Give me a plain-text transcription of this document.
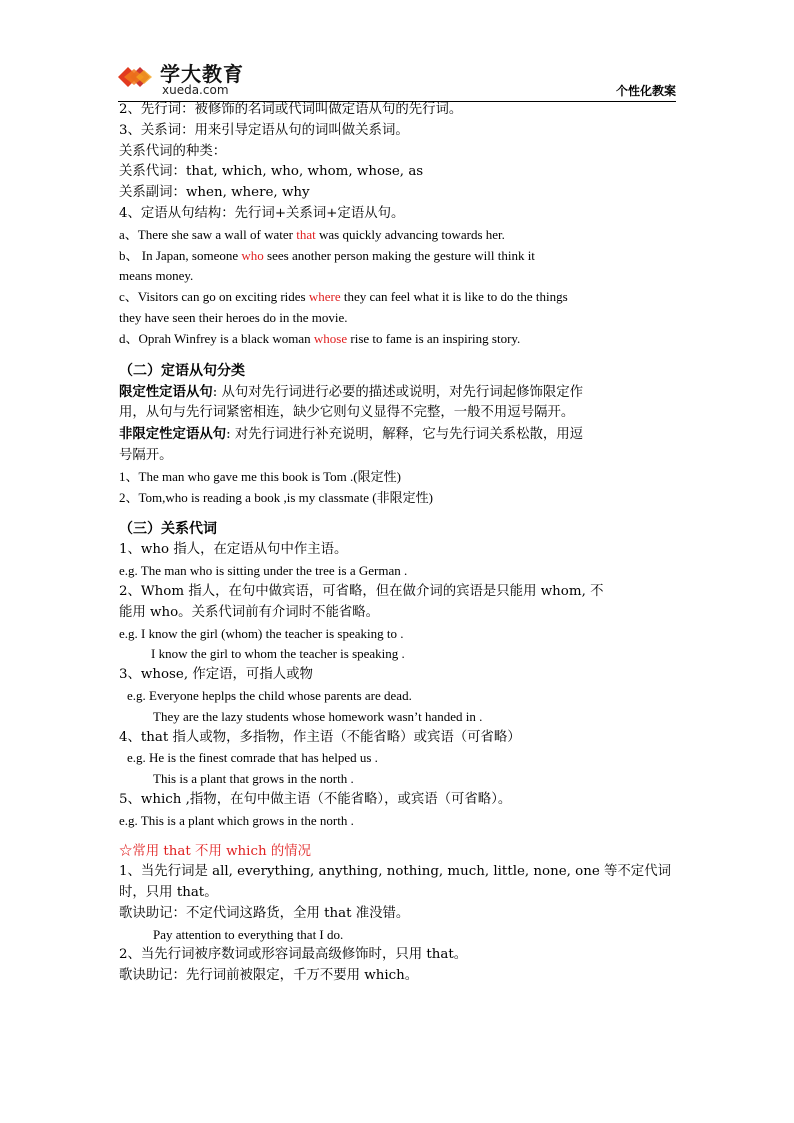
学大教育
xueda.com	个性化教案
2、先行词：被修饰的名词或代词叫做定语从句的先行词。
3、关系词：用来引导定语从句的词叫做关系词。
关系代词的种类：
关系代词：that, which, who, whom, whose, as
关系副词：when, where, why
4、定语从句结构：先行词+关系词+定语从句。
a、There she saw a wall of water that was quickly advancing towards her.
b、 In Japan, someone who sees another person making the gesture will think it
means money.
c、Visitors can go on exciting rides where they can feel what it is like to do the things
they have seen their heroes do in the movie.
d、Oprah Winfrey is a black woman whose rise to fame is an inspiring story.
（二）定语从句分类
限定性定语从句: 从句对先行词进行必要的描述或说明，对先行词起修饰限定作
用，从句与先行词紧密相连，缺少它则句义显得不完整，一般不用逗号隔开。
非限定性定语从句: 对先行词进行补充说明，解释，它与先行词关系松散，用逗
号隔开。
1、The man who gave me this book is Tom .(限定性)
2、Tom,who is reading a book ,is my classmate (非限定性)
（三）关系代词
1、who 指人，在定语从句中作主语。
e.g. The man who is sitting under the tree is a German .
2、Whom 指人，在句中做宾语，可省略，但在做介词的宾语是只能用 whom, 不
能用 who。关系代词前有介词时不能省略。
e.g. I know the girl (whom) the teacher is speaking to .
I know the girl to whom the teacher is speaking .
3、whose, 作定语，可指人或物
e.g. Everyone heplps the child whose parents are dead.
They are the lazy students whose homework wasn’t handed in .
4、that 指人或物，多指物，作主语（不能省略）或宾语（可省略）
e.g. He is the finest comrade that has helped us .
This is a plant that grows in the north .
5、which ,指物，在句中做主语（不能省略），或宾语（可省略）。
e.g. This is a plant which grows in the north .
☆常用 that 不用 which 的情况
1、当先行词是 all, everything, anything, nothing, much, little, none, one 等不定代词
时，只用 that。
歌诀助记：不定代词这路货，全用 that 准没错。
Pay attention to everything that I do.
2、当先行词被序数词或形容词最高级修饰时，只用 that。
歌诀助记：先行词前被限定，千万不要用 which。
